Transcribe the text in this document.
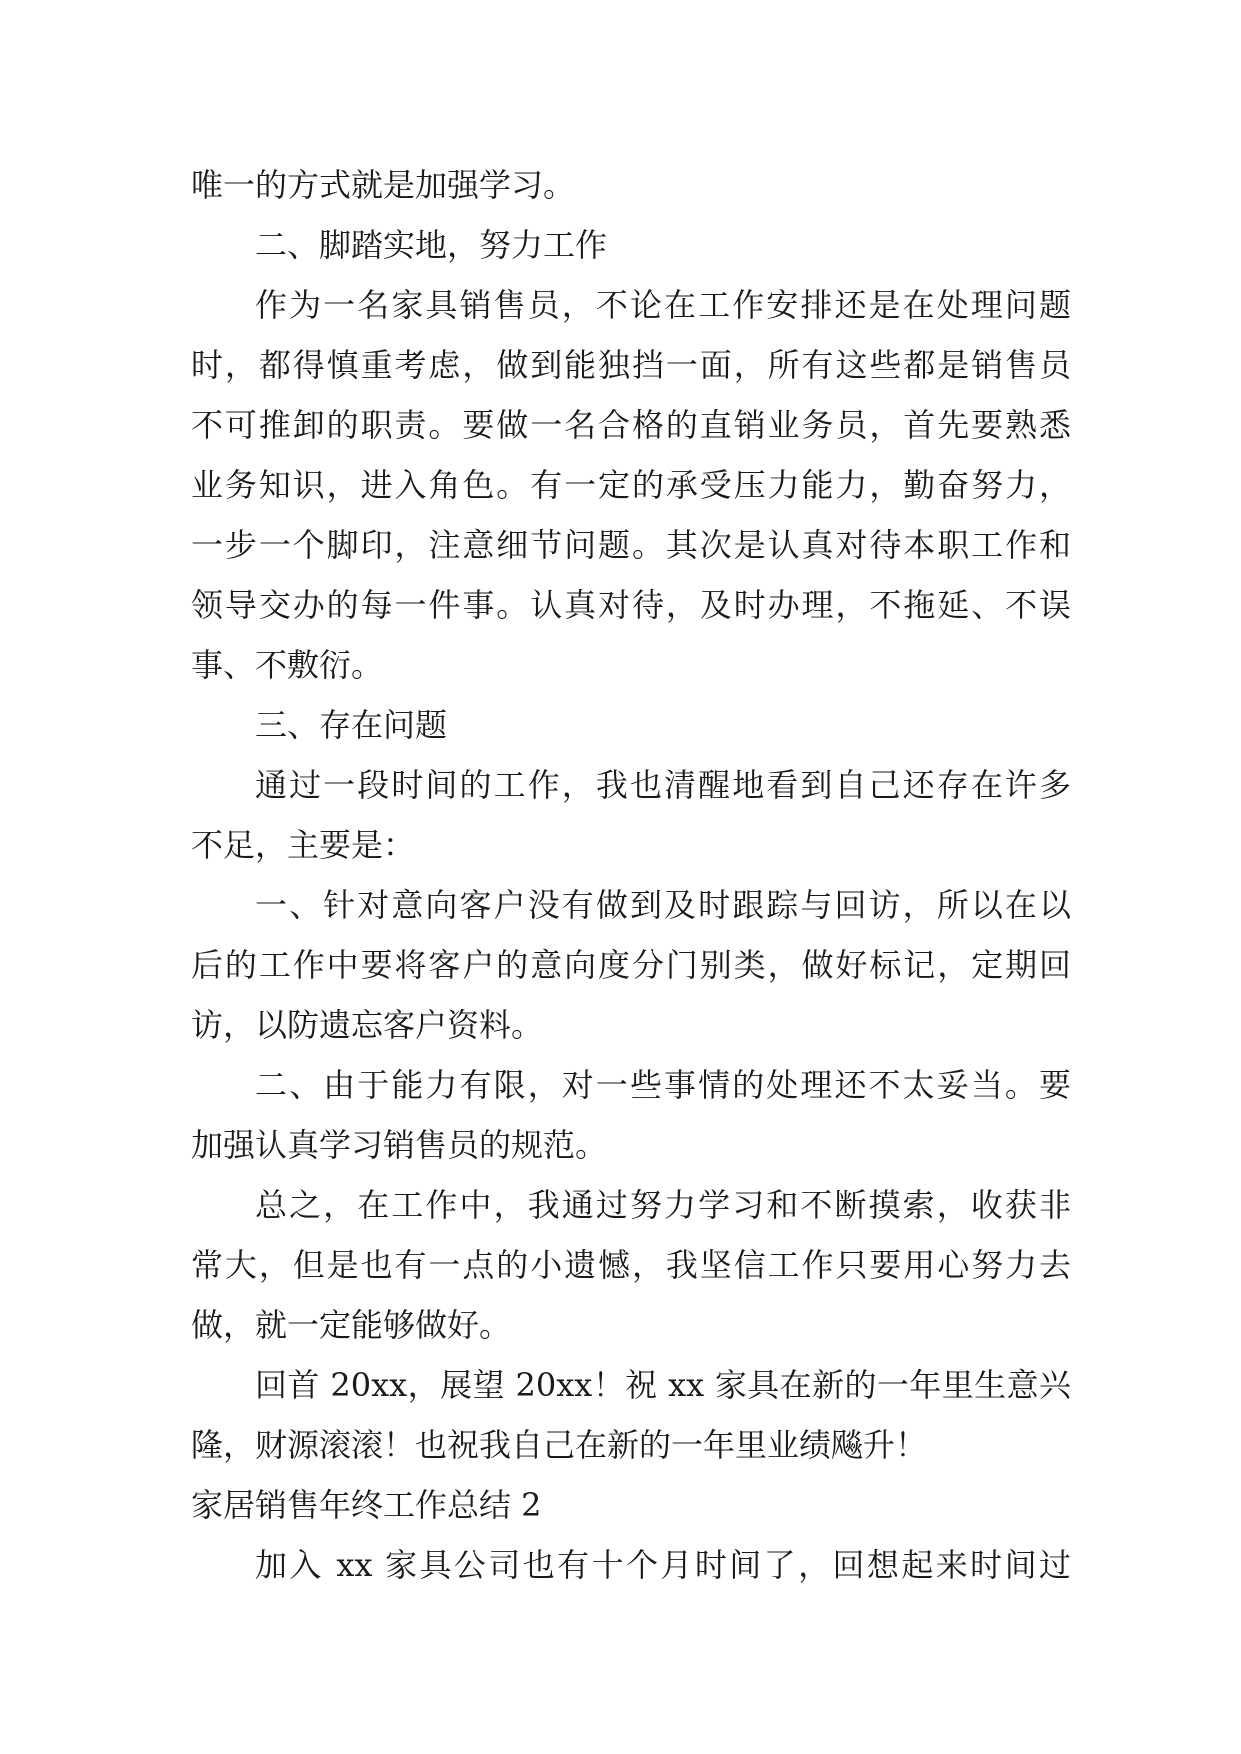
唯一的方式就是加强学习。
二、脚踏实地，努力工作
作为一名家具销售员，不论在工作安排还是在处理问题
时，都得慎重考虑，做到能独挡一面，所有这些都是销售员
不可推卸的职责。要做一名合格的直销业务员，首先要熟悉
业务知识，进入角色。有一定的承受压力能力，勤奋努力，
一步一个脚印，注意细节问题。其次是认真对待本职工作和
领导交办的每一件事。认真对待，及时办理，不拖延、不误
事、不敷衍。
三、存在问题
通过一段时间的工作，我也清醒地看到自己还存在许多
不足，主要是：
一、针对意向客户没有做到及时跟踪与回访，所以在以
后的工作中要将客户的意向度分门别类，做好标记，定期回
访，以防遗忘客户资料。
二、由于能力有限，对一些事情的处理还不太妥当。要
加强认真学习销售员的规范。
总之，在工作中，我通过努力学习和不断摸索，收获非
常大，但是也有一点的小遗憾，我坚信工作只要用心努力去
做，就一定能够做好。
回首 20xx，展望 20xx！祝 xx 家具在新的一年里生意兴
隆，财源滚滚！也祝我自己在新的一年里业绩飚升！
家居销售年终工作总结 2
加入 xx 家具公司也有十个月时间了，回想起来时间过
